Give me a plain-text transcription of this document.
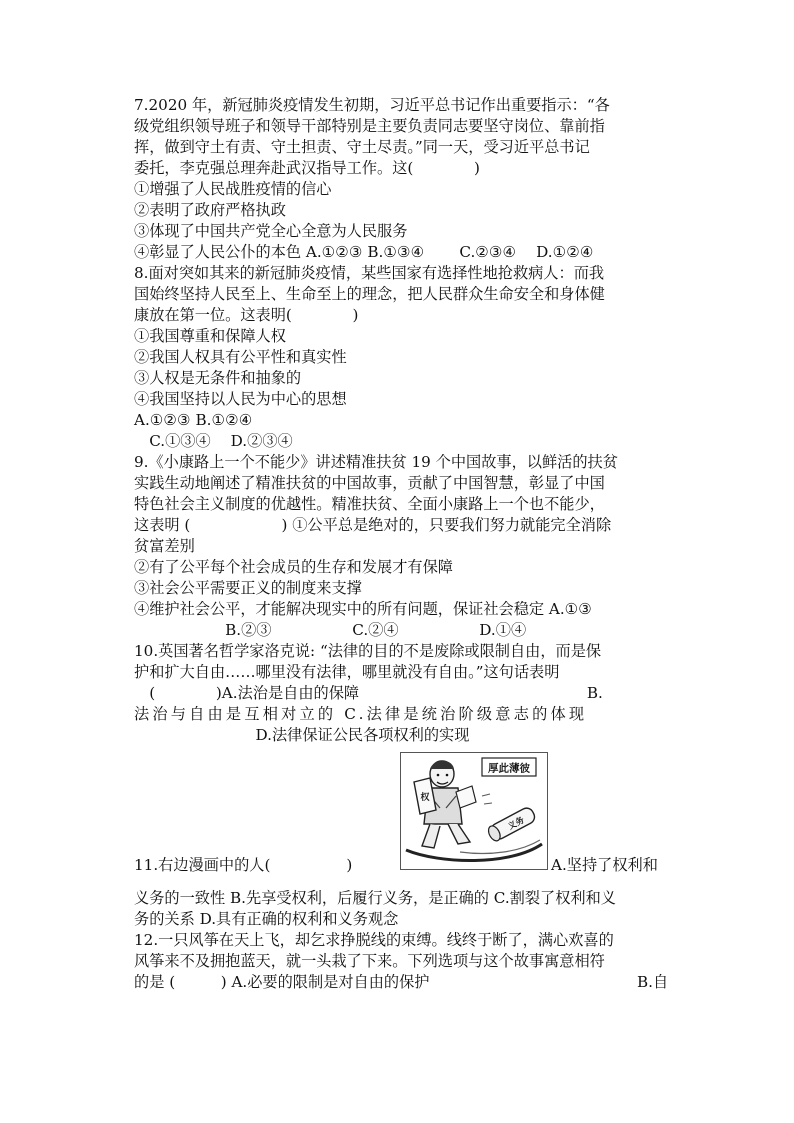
7.2020 年，新冠肺炎疫情发生初期，习近平总书记作出重要指示：“各
级党组织领导班子和领导干部特别是主要负责同志要坚守岗位、靠前指
挥，做到守土有责、守土担责、守土尽责。”同一天，受习近平总书记
委托，李克强总理奔赴武汉指导工作。这(　　　　)
①增强了人民战胜疫情的信心
②表明了政府严格执政
③体现了中国共产党全心全意为人民服务
④彰显了人民公仆的本色 A.①②③ B.①③④　　 C.②③④　 D.①②④
8.面对突如其来的新冠肺炎疫情，某些国家有选择性地抢救病人：而我
国始终坚持人民至上、生命至上的理念，把人民群众生命安全和身体健
康放在第一位。这表明(　　　　)
①我国尊重和保障人权
②我国人权具有公平性和真实性
③人权是无条件和抽象的
④我国坚持以人民为中心的思想
A.①②③ B.①②④
　C.①③④　 D.②③④
9.《小康路上一个不能少》讲述精准扶贫 19 个中国故事，以鲜活的扶贫
实践生动地阐述了精准扶贫的中国故事，贡献了中国智慧，彰显了中国
特色社会主义制度的优越性。精准扶贫、全面小康路上一个也不能少，
这表明 (　　　　　　) ①公平总是绝对的，只要我们努力就能完全消除
贫富差别
②有了公平每个社会成员的生存和发展才有保障
③社会公平需要正义的制度来支撑
④维护社会公平，才能解决现实中的所有问题，保证社会稳定 A.①③
　　　　　　B.②③　　　　　 C.②④　　　　　 D.①④
10.英国著名哲学家洛克说: “法律的目的不是废除或限制自由，而是保
护和扩大自由……哪里没有法律，哪里就没有自由。”这句话表明
　(　　　　)A.法治是自由的保障　　　　　　　　　　　　　　　B.
法治与自由是互相对立的 C.法律是统治阶级意志的体现
　　　　　　　　D.法律保证公民各项权利的实现
厚此薄彼
权
义务
11.右边漫画中的人(　　　　　)	A.坚持了权利和
义务的一致性 B.先享受权利，后履行义务，是正确的 C.割裂了权利和义
务的关系 D.具有正确的权利和义务观念
12.一只风筝在天上飞，却乞求挣脱线的束缚。线终于断了，满心欢喜的
风筝来不及拥抱蓝天，就一头栽了下来。下列选项与这个故事寓意相符
的是 (　　　) A.必要的限制是对自由的保护	B.自
